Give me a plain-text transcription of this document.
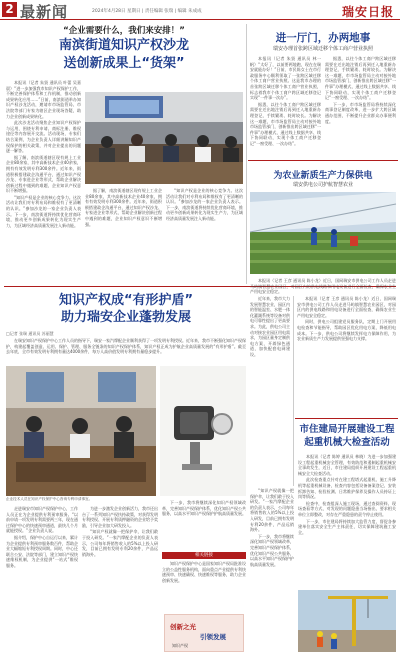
2 最新闻	2024年4月28日 星期日 | 责任编辑 张瑞 | 编辑 朱成成	瑞安日报
“企业需要什么，我们来安排！”
南滨街道知识产权沙龙
送创新成果上“货架”

本报讯（记者 朱贤 通讯员 叶蕾 吴嘉晨）“进一步加强我市知识产权保护工作，不断完善保护体系和工作机制，推动创新成果转化应用……”日前，南滨街道举办知识产权沙龙活动，邀请市市场监管局、市法院等部门专家为辖区企业现场答疑，助力企业创新成果转化。

此次沙龙活动聚焦企业知识产权保护与运用，围绕专利申请、商标注册、维权途径等内容展开交流。活动现场，专家们结合案例，为企业负责人详细讲解知识产权保护的相关政策，并对企业提出的问题逐一解答。

据了解，南滨街道辖区现有规上工业企业80余家，其中高新技术企业40余家，拥有有效发明专利300余件。近年来，街道积极搭建政企沟通平台，通过知识产权沙龙、专家进企业等形式，帮助企业解决创新过程中遇到的难题，企业知识产权意识不断增强。

“知识产权是企业的核心竞争力。这次活动让我们对专利布局和维权有了更清晰的认识。”参加沙龙的一家企业负责人表示。下一步，南滨街道将持续优化营商环境，推动更多创新成果转化为现实生产力，为区域经济高质量发展注入新动能。

据了解，南滨街道辖区现有规上工业企业80余家，其中高新技术企业40余家，拥有有效发明专利300余件。近年来，街道积极搭建政企沟通平台，通过知识产权沙龙、专家进企业等形式，帮助企业解决创新过程中遇到的难题，企业知识产权意识不断增强。

“知识产权是企业的核心竞争力。这次活动让我们对专利布局和维权有了更清晰的认识。”参加沙龙的一家企业负责人表示。下一步，南滨街道将持续优化营商环境，推动更多创新成果转化为现实生产力，为区域经济高质量发展注入新动能。

进一厅门，办两地事
瑞安办理首张跨区域迁移个体工商户营业执照

本报讯（记者 朱贤 通讯员 林一帆）“太好了，以前要两地跑，现在在瑞安就能办好！”日前，市民陈女士在市行政服务中心顺利领取了一张跨区域迁移个体工商户营业执照。这是我市办理的首张跨区域迁移个体工商户营业执照，标志着我市个体工商户跨区域迁移登记实现“一件事一次办”。

据悉，以往个体工商户跨区域迁移需要在迁出地注销后再到迁入地重新办理登记，手续繁琐、耗时较长。为解决这一难题，市市场监管局主动对接外地市场监管部门，创新推出跨区域迁移“一件事”办理模式，通过线上数据共享、线下协同联动，实现个体工商户迁移登记“一窗受理、一次办结”。

据悉，以往个体工商户跨区域迁移需要在迁出地注销后再到迁入地重新办理登记，手续繁琐、耗时较长。为解决这一难题，市市场监管局主动对接外地市场监管部门，创新推出跨区域迁移“一件事”办理模式，通过线上数据共享、线下协同联动，实现个体工商户迁移登记“一窗受理、一次办结”。

下一步，市市场监管局将持续深化商事登记制度改革，进一步扩大跨区域通办范围，不断提升企业群众办事便利度。

为农业新质生产力保供电
瑞安供电公司护航智慧农业

本报讯（记者 王彦 通讯员 陈小龙）近日，国网瑞安市供电公司工作人员走进马屿镇智慧农业园区，对园区内的供电线路和用电设备进行全面检查，确保农业生产用电安全稳定。

知识产权成“有形护盾”
助力瑞安企业蓬勃发展
□记者 张瑞 通讯员 苏丽慧

在瑞安知识产权保护中心工作人员的指导下，瑞安一家汽摩配企业顺利获得了一项发明专利授权。近年来，我市不断强化知识产权保护，构建起覆盖创造、运用、保护、管理、服务全链条的知识产权保护体系，知识产权正成为护航企业高质量发展的“有形护盾”。截至去年底，全市有效发明专利拥有量达4000余件，每万人高价值发明专利拥有量稳步提升。

近年来，我市大力发展智慧农业，园区内的智能温室、水肥一体化灌溉系统等设备对供电可靠性提出了更高要求。为此，供电公司主动对接农业园区用电需求，为园区量身定制供电方案，开辟绿色通道，加快配套电网建设。

本报讯（记者 王彦 通讯员 陈小龙）近日，国网瑞安市供电公司工作人员走进马屿镇智慧农业园区，对园区内的供电线路和用电设备进行全面检查，确保农业生产用电安全稳定。

同时，供电公司组建党员服务队，定期上门开展用电检查和节能指导，帮助园区优化用电方案，降低用电成本。下一步，供电公司将继续发挥电力保障作用，为农业新质生产力发展提供坚强电力支撑。

企业技术人员在知识产权保护中心咨询专利申请事宜。

走进瑞安市知识产权保护中心，工作人员正在为企业提供专利预审服务。“以前申请一项发明专利需要两三年，现在通过保护中心的快速预审通道，最快几个月就能授权。”企业负责人说。

据介绍，保护中心自运行以来，累计为企业提供专利预审服务数百件，帮助企业大幅缩短专利授权周期。同时，中心还联合公安、法院等部门，建立知识产权快速维权机制，为企业提供“一站式”维权服务。

为进一步激发企业创新活力，我市还出台了一系列知识产权扶持政策，对获得发明专利授权、开展专利质押融资的企业给予奖励，引导企业加大研发投入。

“知识产权就像一把保护伞，让我们敢于投入研发。”一家汽摩配企业的负责人表示，公司每年将销售收入的5%以上投入研发，目前已拥有发明专利20余件，产品远销海外。

下一步，我市将继续深化知识产权领域改革，完善知识产权保护体系，优化知识产权公共服务，以高水平知识产权保护护航高质量发展。

相关链接

知识产权保护中心是国家知识产权局批准设立的公益性服务机构，面向重点产业提供专利快速预审、快速确权、快速维权等服务，助力企业创新发展。

创新之光
引领发展
知识产权

“知识产权就像一把保护伞，让我们敢于投入研发。”一家汽摩配企业的负责人表示，公司每年将销售收入的5%以上投入研发，目前已拥有发明专利20余件，产品远销海外。

下一步，我市将继续深化知识产权领域改革，完善知识产权保护体系，优化知识产权公共服务，以高水平知识产权保护护航高质量发展。

市住建局开展建设工程
起重机械大检查活动

本报讯（记者 陈婷 通讯员 林晓）为进一步加强建设工程起重机械安全管理，有效防范和遏制起重机械安全事故发生，近日，市住建局组织开展建设工程起重机械安全大检查活动。

此次检查重点针对在建工程塔式起重机、施工升降机等起重机械设备，检查内容包括设备备案登记、安装拆卸告知、检验检测、日常维护保养及操作人员持证上岗等情况。

检查中，检查组深入施工现场，通过查阅资料、现场查看等方式，对发现的问题隐患当场指出，要求相关单位立即整改，对存在严重隐患的责令停止使用。

下一步，市住建局将持续加大监管力度，督促各参建单位落实安全生产主体责任，切实保障建筑施工安全。
